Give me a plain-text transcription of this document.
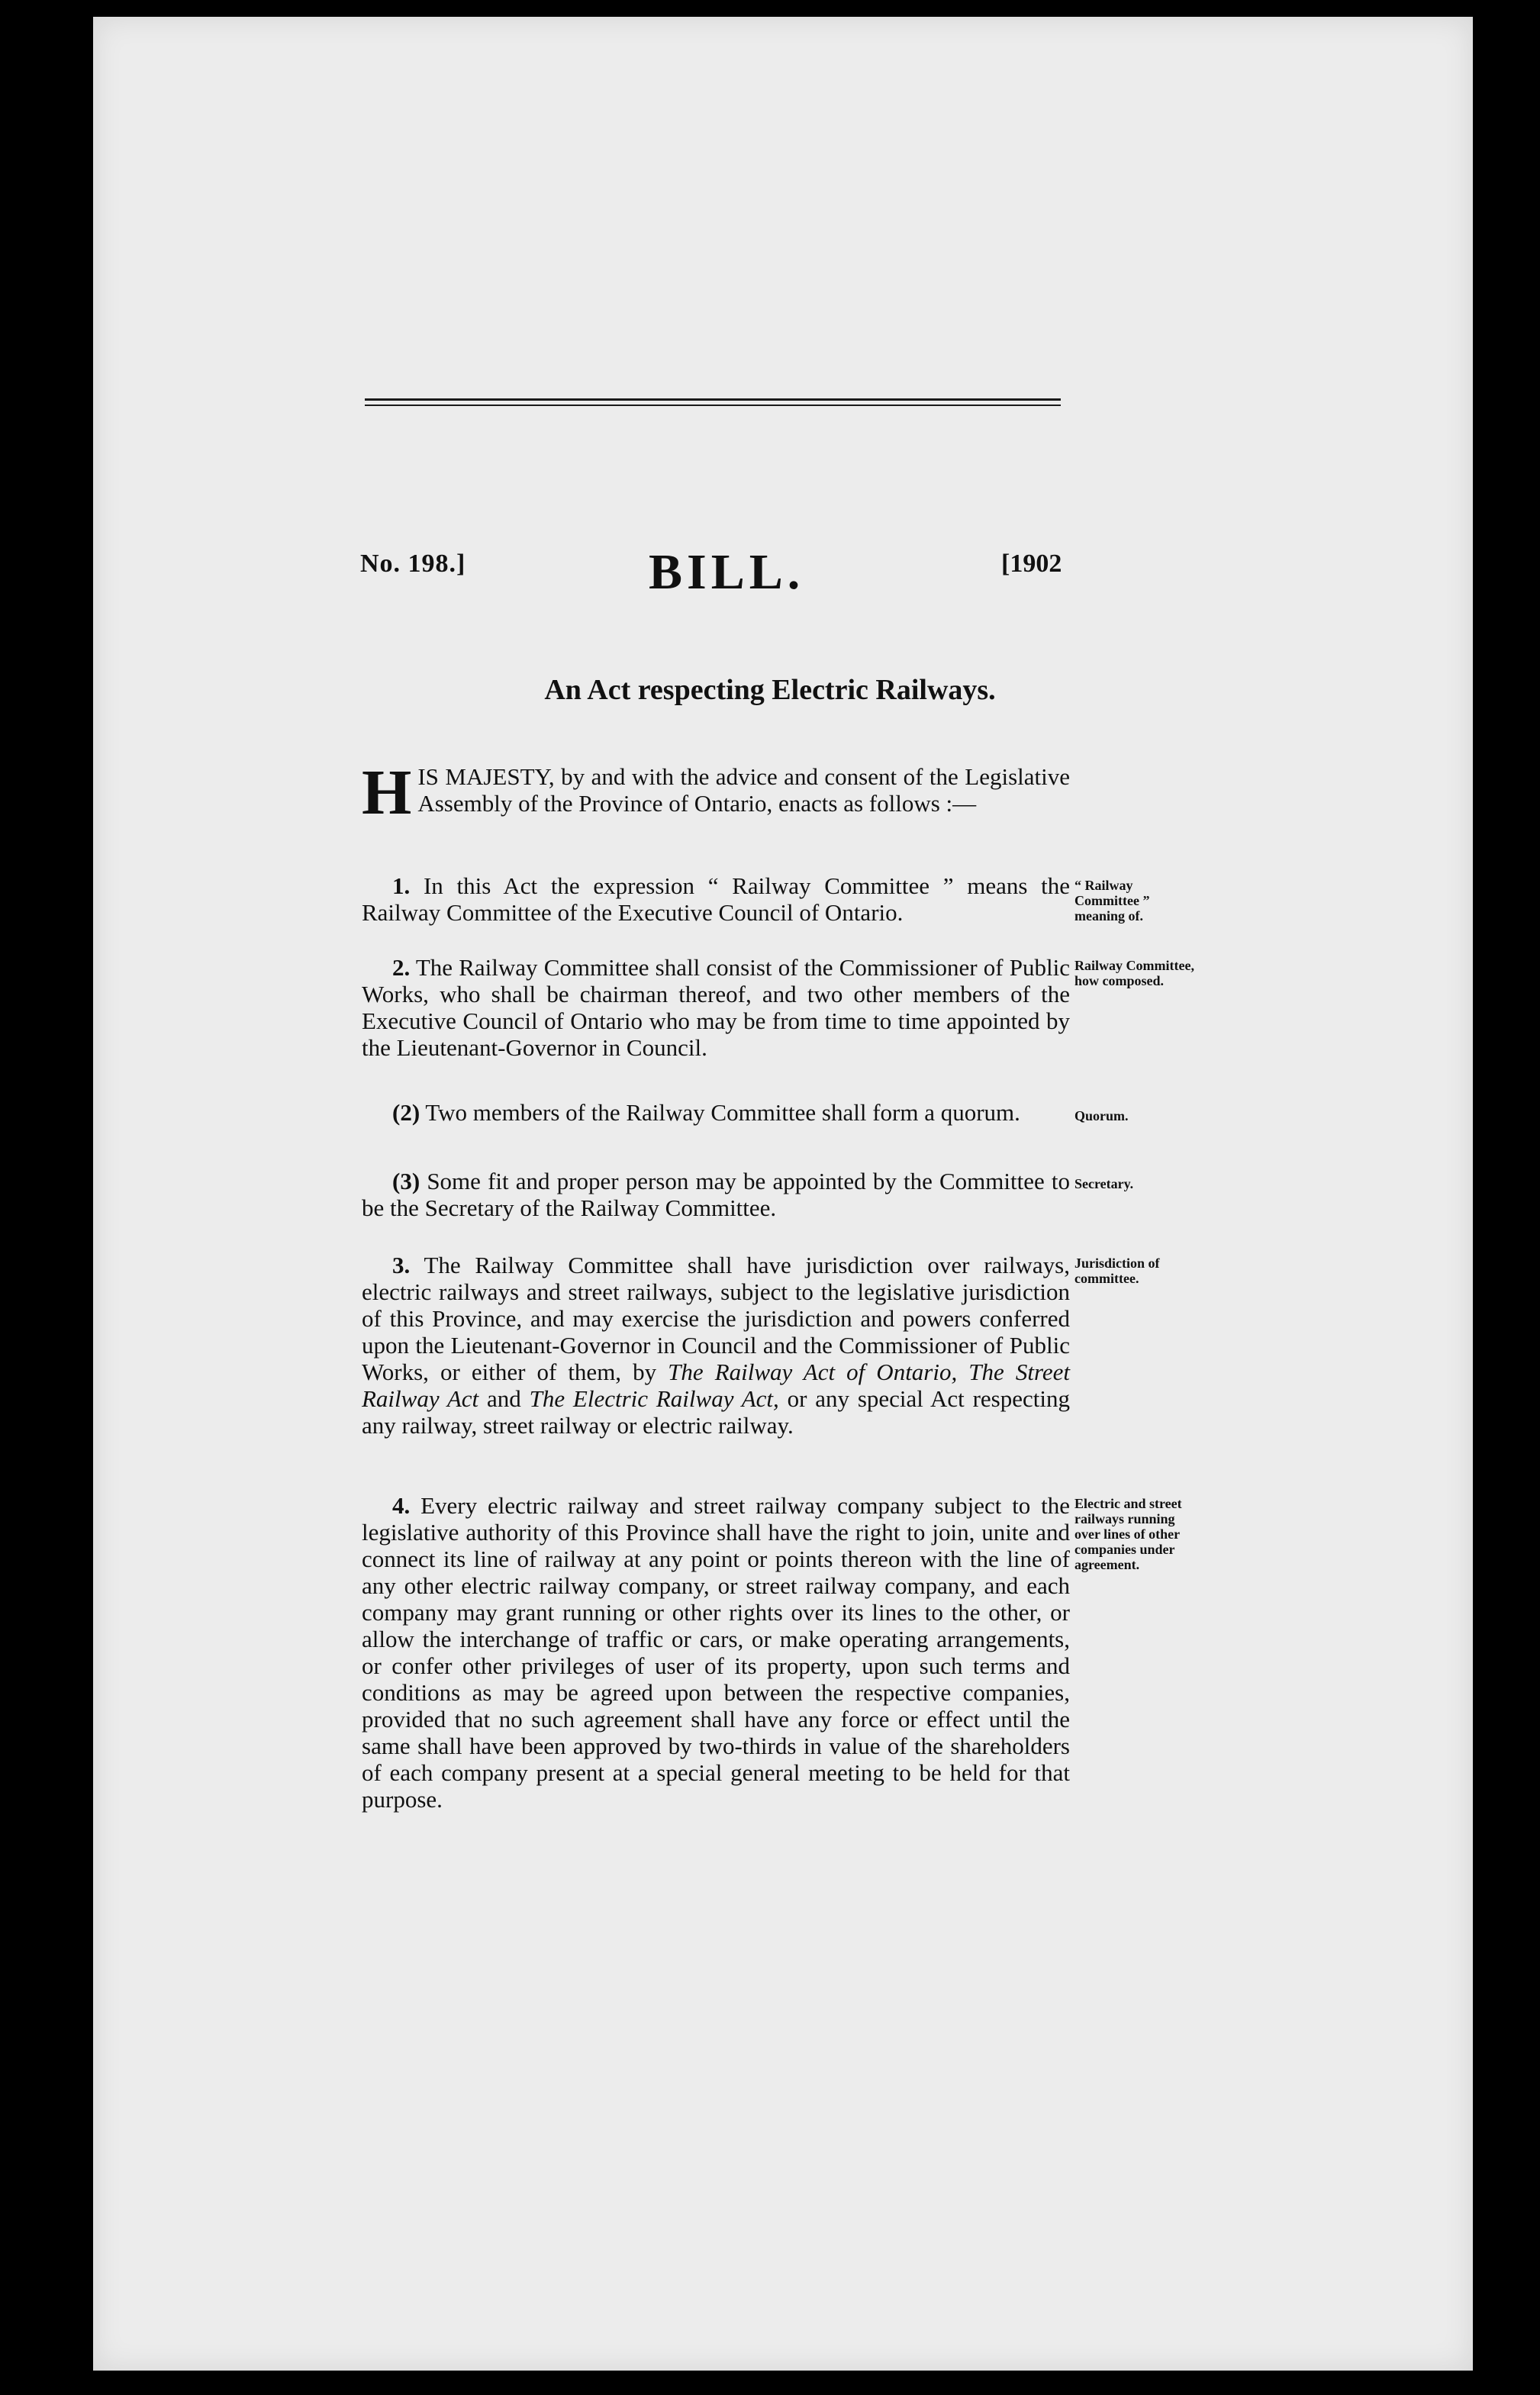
No. 198.]	BILL.	[1902
An Act respecting Electric Railways.
H IS MAJESTY, by and with the advice and consent of the Legislative Assembly of the Province of Ontario, enacts as follows :—
1. In this Act the expression “ Railway Committee ” means the Railway Committee of the Executive Council of Ontario.
“ Railway Committee ” meaning of.
2. The Railway Committee shall consist of the Commissioner of Public Works, who shall be chairman thereof, and two other members of the Executive Council of Ontario who may be from time to time appointed by the Lieutenant-Governor in Council.
Railway Committee, how composed.
(2) Two members of the Railway Committee shall form a quorum.	Quorum.
(3) Some fit and proper person may be appointed by the Committee to be the Secretary of the Railway Committee.
Secretary.
3. The Railway Committee shall have jurisdiction over railways, electric railways and street railways, subject to the legislative jurisdiction of this Province, and may exercise the jurisdiction and powers conferred upon the Lieutenant-Governor in Council and the Commissioner of Public Works, or either of them, by The Railway Act of Ontario, The Street Railway Act and The Electric Railway Act, or any special Act respecting any railway, street railway or electric railway.
Jurisdiction of committee.
4. Every electric railway and street railway company subject to the legislative authority of this Province shall have the right to join, unite and connect its line of railway at any point or points thereon with the line of any other electric railway company, or street railway company, and each company may grant running or other rights over its lines to the other, or allow the interchange of traffic or cars, or make operating arrangements, or confer other privileges of user of its property, upon such terms and conditions as may be agreed upon between the respective companies, provided that no such agreement shall have any force or effect until the same shall have been approved by two-thirds in value of the shareholders of each company present at a special general meeting to be held for that purpose.
Electric and street railways running over lines of other companies under agreement.
